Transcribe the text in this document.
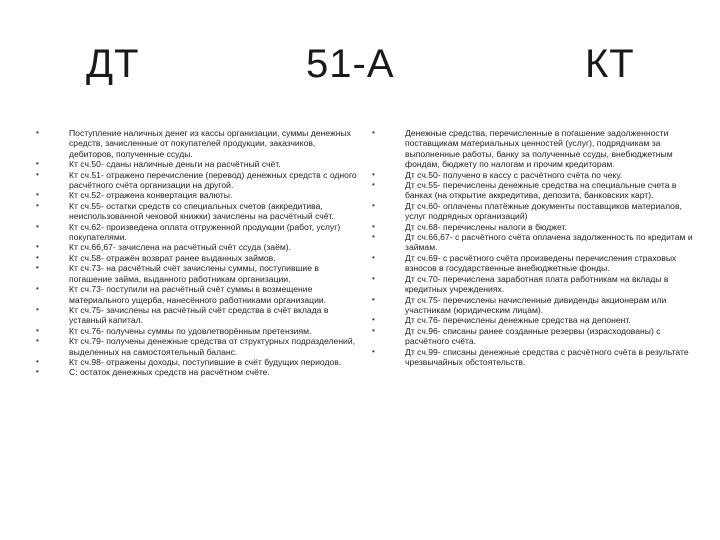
ДТ	51-А	КТ
• Поступление наличных денег из кассы организации, суммы денежных средств, зачисленные от покупателей продукции, заказчиков, дебиторов, полученные ссуды.
• Кт сч.50- сданы наличные деньги на расчётный счёт.
• Кт сч.51- отражено перечисление (перевод) денежных средств с одного расчётного счёта организации на другой.
• Кт сч.52- отражена конвертация валюты.
• Кт сч.55- остатки средств со специальных счетов (аккредитива, неиспользованной чековой книжки) зачислены на расчётный счёт.
• Кт сч.62- произведена оплата отгруженной продукции (работ, услуг) покупателями.
• Кт сч.66,67- зачислена на расчётный счёт ссуда (заём).
• Кт сч.58- отражён возврат ранее выданных займов.
• Кт сч.73- на расчётный счёт зачислены суммы, поступившие в погашение займа, выданного работникам организации.
• Кт сч.73- поступили на расчётный счёт суммы в возмещение материального ущерба, нанесённого работниками организации.
• Кт сч.75- зачислены на расчётный счёт средства в счёт вклада в уставный капитал.
• Кт сч.76- получены суммы по удовлетворённым претензиям.
• Кт сч.79- получены денежные средства от структурных подразделений, выделенных на самостоятельный баланс.
• Кт сч.98- отражены доходы, поступившие в счёт будущих периодов.
• С: остаток денежных средств на расчётном счёте.
• Денежные средства, перечисленные в погашение задолженности поставщикам материальных ценностей (услуг), подрядчикам за выполненные работы, банку за полученные ссуды, внебюджетным фондам, бюджету по налогам и прочим кредиторам.
• Дт сч.50- получено в кассу с расчётного счёта по чеку.
• Дт сч.55- перечислены денежные средства на специальные счета в банках (на открытие аккредитива, депозита, банковских карт).
• Дт сч.60- оплачены платёжные документы поставщиков материалов, услуг подрядных организаций)
• Дт сч.68- перечислены налоги в бюджет.
• Дт сч.66,67- с расчётного счёта оплачена задолженность по кредитам и займам.
• Дт сч.69- с расчётного счёта произведены перечисления страховых взносов в государственные внебюджетные фонды.
• Дт сч.70- перечислена заработная плата работникам на вклады в кредитных учреждениях.
• Дт сч.75- перечислены начисленные дивиденды акционерам или участникам (юридическим лицам).
• Дт сч.76- перечислены денежные средства на депонент.
• Дт сч.96- списаны ранее созданные резервы (израсходованы) с расчётного счёта.
• Дт сч.99- списаны денежные средства с расчётного счёта в результате чрезвычайных обстоятельств.
